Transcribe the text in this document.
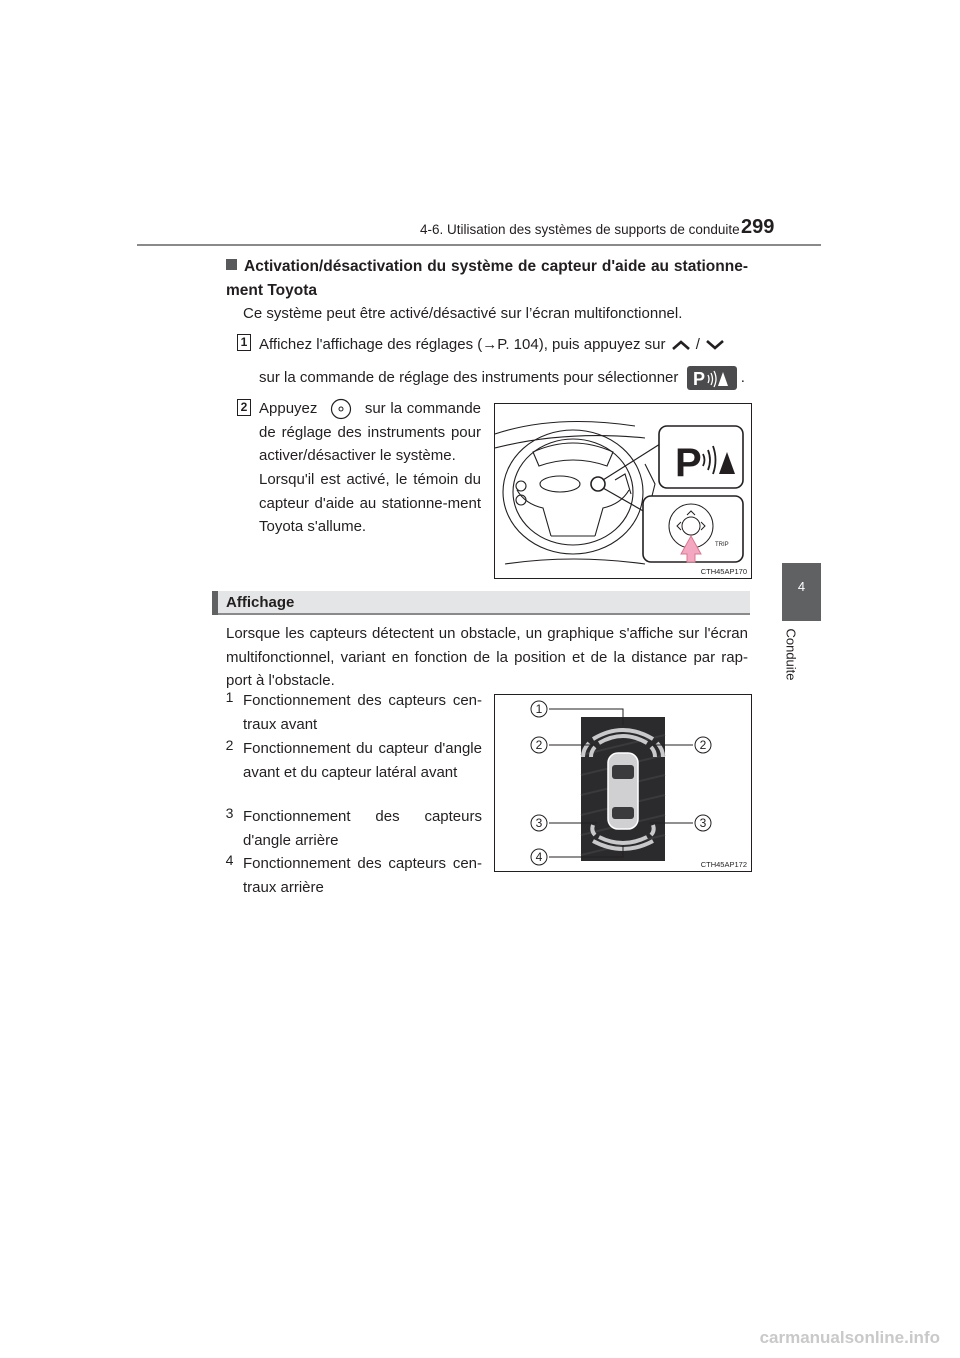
4-6. Utilisation des systèmes de supports de conduite 299
4
Conduite
Activation/désactivation du système de capteur d'aide au stationne-ment Toyota
Ce système peut être activé/désactivé sur l’écran multifonctionnel.
1 Affichez l'affichage des réglages (→P. 104), puis appuyez sur /
sur la commande de réglage des instruments pour sélectionner P .
2 Appuyez	sur la commande de réglage des instruments pour activer/désactiver le système.
Lorsqu'il est activé, le témoin du capteur d'aide au stationne-ment Toyota s'allume.
P
TRIP
CTH45AP170
Affichage
Lorsque les capteurs détectent un obstacle, un graphique s'affiche sur l'écran multifonctionnel, variant en fonction de la position et de la distance par rap-port à l'obstacle.
1 Fonctionnement des capteurs cen-traux avant
2 Fonctionnement du capteur d'angle avant et du capteur latéral avant
3 Fonctionnement des capteurs d'angle arrière
4 Fonctionnement des capteurs cen-traux arrière
1
2	2
3	3
4
CTH45AP172
carmanualsonline.info
